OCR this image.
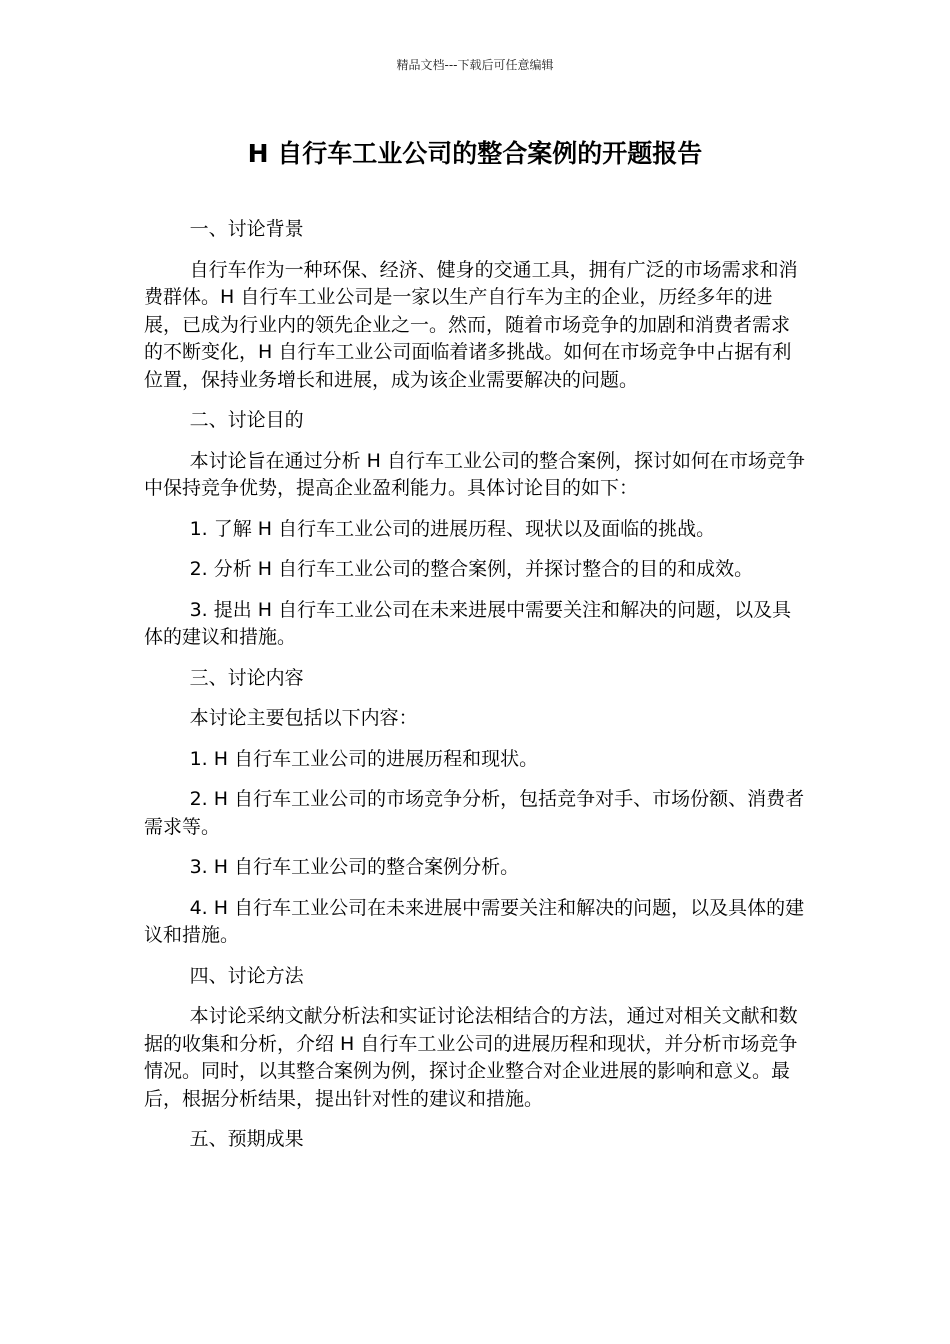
精品文档---下载后可任意编辑
H 自行车工业公司的整合案例的开题报告

一、讨论背景

自行车作为一种环保、经济、健身的交通工具，拥有广泛的市场需求和消费群体。H 自行车工业公司是一家以生产自行车为主的企业，历经多年的进展，已成为行业内的领先企业之一。然而，随着市场竞争的加剧和消费者需求的不断变化，H 自行车工业公司面临着诸多挑战。如何在市场竞争中占据有利位置，保持业务增长和进展，成为该企业需要解决的问题。

二、讨论目的

本讨论旨在通过分析 H 自行车工业公司的整合案例，探讨如何在市场竞争中保持竞争优势，提高企业盈利能力。具体讨论目的如下：

1. 了解 H 自行车工业公司的进展历程、现状以及面临的挑战。

2. 分析 H 自行车工业公司的整合案例，并探讨整合的目的和成效。

3. 提出 H 自行车工业公司在未来进展中需要关注和解决的问题，以及具体的建议和措施。

三、讨论内容

本讨论主要包括以下内容：

1. H 自行车工业公司的进展历程和现状。

2. H 自行车工业公司的市场竞争分析，包括竞争对手、市场份额、消费者需求等。

3. H 自行车工业公司的整合案例分析。

4. H 自行车工业公司在未来进展中需要关注和解决的问题，以及具体的建议和措施。

四、讨论方法

本讨论采纳文献分析法和实证讨论法相结合的方法，通过对相关文献和数据的收集和分析，介绍 H 自行车工业公司的进展历程和现状，并分析市场竞争情况。同时，以其整合案例为例，探讨企业整合对企业进展的影响和意义。最后，根据分析结果，提出针对性的建议和措施。

五、预期成果
